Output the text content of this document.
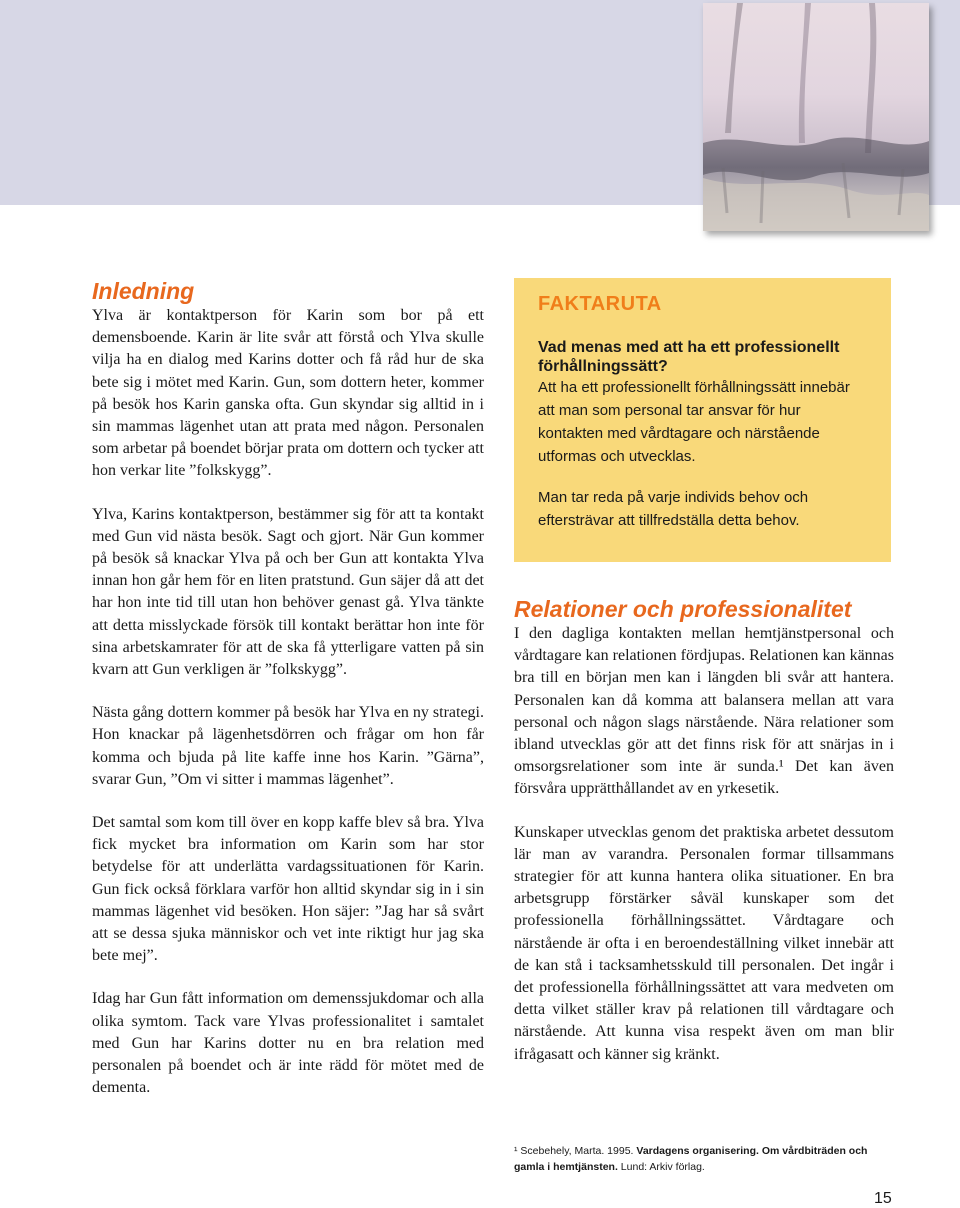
Inledning

Ylva är kontaktperson för Karin som bor på ett demensboende. Karin är lite svår att förstå och Ylva skulle vilja ha en dialog med Karins dotter och få råd hur de ska bete sig i mötet med Karin. Gun, som dottern heter, kommer på besök hos Karin ganska ofta. Gun skyndar sig alltid in i sin mammas lägenhet utan att prata med någon. Personalen som arbetar på boendet börjar prata om dottern och tycker att hon verkar lite ”folkskygg”.

Ylva, Karins kontaktperson, bestämmer sig för att ta kontakt med Gun vid nästa besök. Sagt och gjort. När Gun kommer på besök så knackar Ylva på och ber Gun att kontakta Ylva innan hon går hem för en liten pratstund. Gun säjer då att det har hon inte tid till utan hon behöver genast gå. Ylva tänkte att detta misslyckade försök till kontakt berättar hon inte för sina arbetskamrater för att de ska få ytterligare vatten på sin kvarn att Gun verkligen är ”folkskygg”.

Nästa gång dottern kommer på besök har Ylva en ny strategi. Hon knackar på lägenhetsdörren och frågar om hon får komma och bjuda på lite kaffe inne hos Karin. ”Gärna”, svarar Gun, ”Om vi sitter i mammas lägenhet”.

Det samtal som kom till över en kopp kaffe blev så bra. Ylva fick mycket bra information om Karin som har stor betydelse för att underlätta vardagssituationen för Karin. Gun fick också förklara varför hon alltid skyndar sig in i sin mammas lägenhet vid besöken. Hon säjer: ”Jag har så svårt att se dessa sjuka människor och vet inte riktigt hur jag ska bete mej”.

Idag har Gun fått information om demenssjukdomar och alla olika symtom. Tack vare Ylvas professionalitet i samtalet med Gun har Karins dotter nu en bra relation med personalen på boendet och är inte rädd för mötet med de dementa.

FAKTARUTA

Vad menas med att ha ett professionellt förhållningssätt?

Att ha ett professionellt förhållningssätt innebär att man som personal tar ansvar för hur kontakten med vårdtagare och närstående utformas och utvecklas.

Man tar reda på varje individs behov och eftersträvar att tillfredställa detta behov.

Relationer och professionalitet

I den dagliga kontakten mellan hemtjänstpersonal och vårdtagare kan relationen fördjupas. Relationen kan kännas bra till en början men kan i längden bli svår att hantera. Personalen kan då komma att balansera mellan att vara personal och någon slags närstående. Nära relationer som ibland utvecklas gör att det finns risk för att snärjas in i omsorgsrelationer som inte är sunda.¹ Det kan även försvåra upprätthållandet av en yrkesetik.

Kunskaper utvecklas genom det praktiska arbetet dessutom lär man av varandra. Personalen formar tillsammans strategier för att kunna hantera olika situationer. En bra arbetsgrupp förstärker såväl kunskaper som det professionella förhållningssättet. Vårdtagare och närstående är ofta i en beroendeställning vilket innebär att de kan stå i tacksamhetsskuld till personalen. Det ingår i det professionella förhållningssättet att vara medveten om detta vilket ställer krav på relationen till vårdtagare och närstående. Att kunna visa respekt även om man blir ifrågasatt och känner sig kränkt.

¹ Scebehely, Marta. 1995. Vardagens organisering. Om vårdbiträden och gamla i hemtjänsten. Lund: Arkiv förlag.
15
